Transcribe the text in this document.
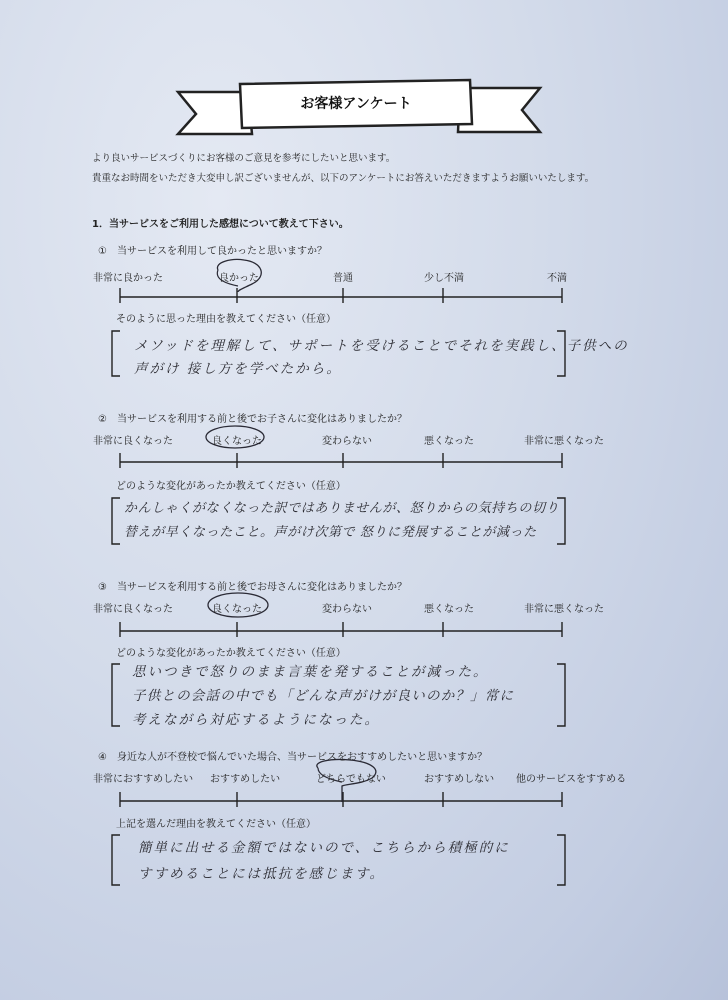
お客様アンケート
より良いサービスづくりにお客様のご意見を参考にしたいと思います。
貴重なお時間をいただき大変申し訳ございませんが、以下のアンケートにお答えいただきますようお願いいたします。
1．当サービスをご利用した感想について教えて下さい。
①　当サービスを利用して良かったと思いますか？
非常に良かった	良かった	普通	少し不満	不満
そのように思った理由を教えてください（任意）
メソッドを理解して、サポートを受けることでそれを実践し、子供への
声がけ 接し方を学べたから。
②　当サービスを利用する前と後でお子さんに変化はありましたか？
非常に良くなった	良くなった	変わらない	悪くなった	非常に悪くなった
どのような変化があったか教えてください（任意）
かんしゃくがなくなった訳ではありませんが、怒りからの気持ちの切り
替えが早くなったこと。声がけ次第で 怒りに発展することが減った
③　当サービスを利用する前と後でお母さんに変化はありましたか？
非常に良くなった	良くなった	変わらない	悪くなった	非常に悪くなった
どのような変化があったか教えてください（任意）
思いつきで怒りのまま言葉を発することが減った。
子供との会話の中でも「どんな声がけが良いのか？」常に
考えながら対応するようになった。
④　身近な人が不登校で悩んでいた場合、当サービスをおすすめしたいと思いますか？
非常におすすめしたい おすすめしたい	どちらでもない	おすすめしない 他のサービスをすすめる
上記を選んだ理由を教えてください（任意）
簡単に出せる金額ではないので、こちらから積極的に
すすめることには抵抗を感じます。
